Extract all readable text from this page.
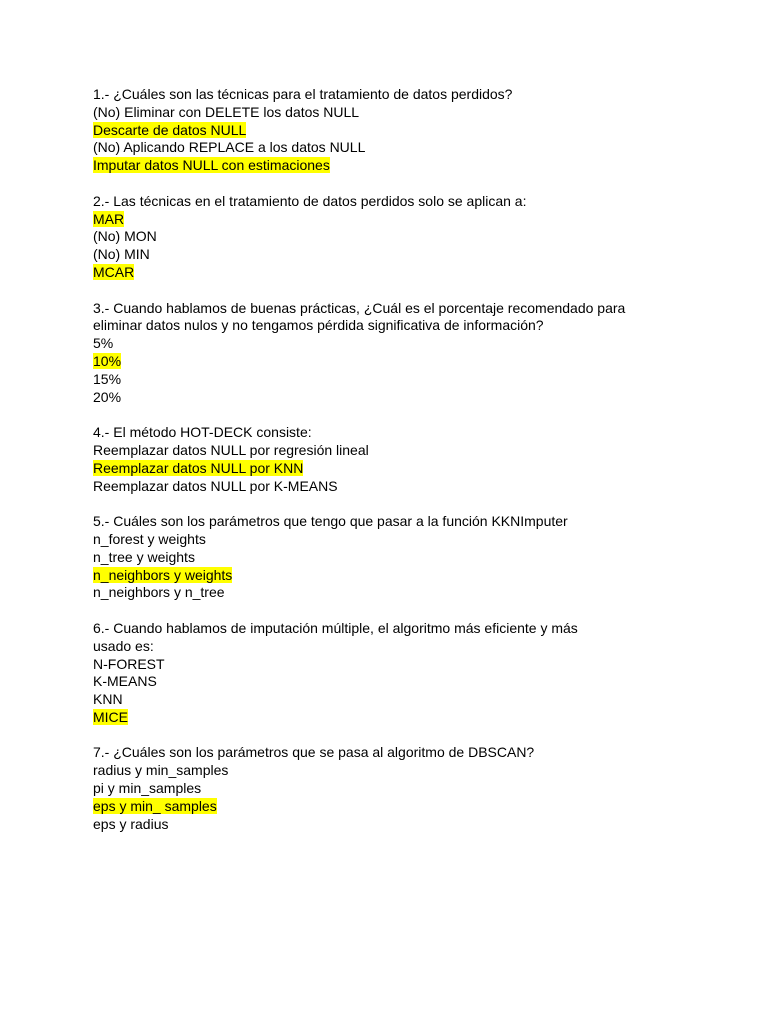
1.- ¿Cuáles son las técnicas para el tratamiento de datos perdidos?
(No) Eliminar con DELETE los datos NULL
Descarte de datos NULL
(No) Aplicando REPLACE a los datos NULL
Imputar datos NULL con estimaciones
2.- Las técnicas en el tratamiento de datos perdidos solo se aplican a:
MAR
(No) MON
(No) MIN
MCAR
3.- Cuando hablamos de buenas prácticas, ¿Cuál es el porcentaje recomendado para
eliminar datos nulos y no tengamos pérdida significativa de información?
5%
10%
15%
20%
4.- El método HOT-DECK consiste:
Reemplazar datos NULL por regresión lineal
Reemplazar datos NULL por KNN
Reemplazar datos NULL por K-MEANS
5.- Cuáles son los parámetros que tengo que pasar a la función KKNImputer
n_forest y weights
n_tree y weights
n_neighbors y weights
n_neighbors y n_tree
6.- Cuando hablamos de imputación múltiple, el algoritmo más eficiente y más
usado es:
N-FOREST
K-MEANS
KNN
MICE
7.- ¿Cuáles son los parámetros que se pasa al algoritmo de DBSCAN?
radius y min_samples
pi y min_samples
eps y min_ samples
eps y radius
